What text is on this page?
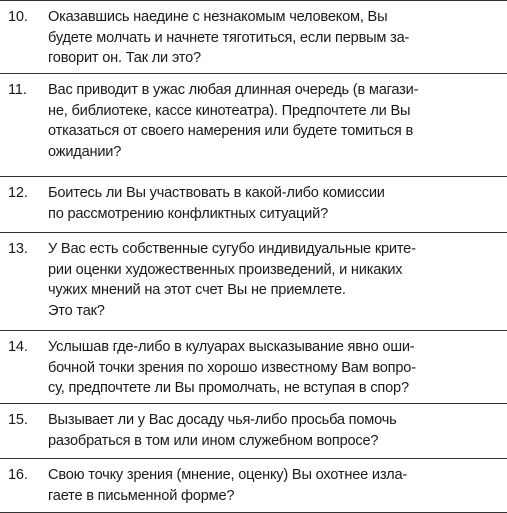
10.	Оказавшись наедине с незнакомым человеком, Вы
будете молчать и начнете тяготиться, если первым за-
говорит он. Так ли это?
11.	Вас приводит в ужас любая длинная очередь (в магази-
не, библиотеке, кассе кинотеатра). Предпочтете ли Вы
отказаться от своего намерения или будете томиться в
ожидании?
12.	Боитесь ли Вы участвовать в какой-либо комиссии
по рассмотрению конфликтных ситуаций?
13.	У Вас есть собственные сугубо индивидуальные крите-
рии оценки художественных произведений, и никаких
чужих мнений на этот счет Вы не приемлете.
Это так?
14.	Услышав где-либо в кулуарах высказывание явно оши-
бочной точки зрения по хорошо известному Вам вопро-
су, предпочтете ли Вы промолчать, не вступая в спор?
15.	Вызывает ли у Вас досаду чья-либо просьба помочь
разобраться в том или ином служебном вопросе?
16.	Свою точку зрения (мнение, оценку) Вы охотнее изла-
гаете в письменной форме?
